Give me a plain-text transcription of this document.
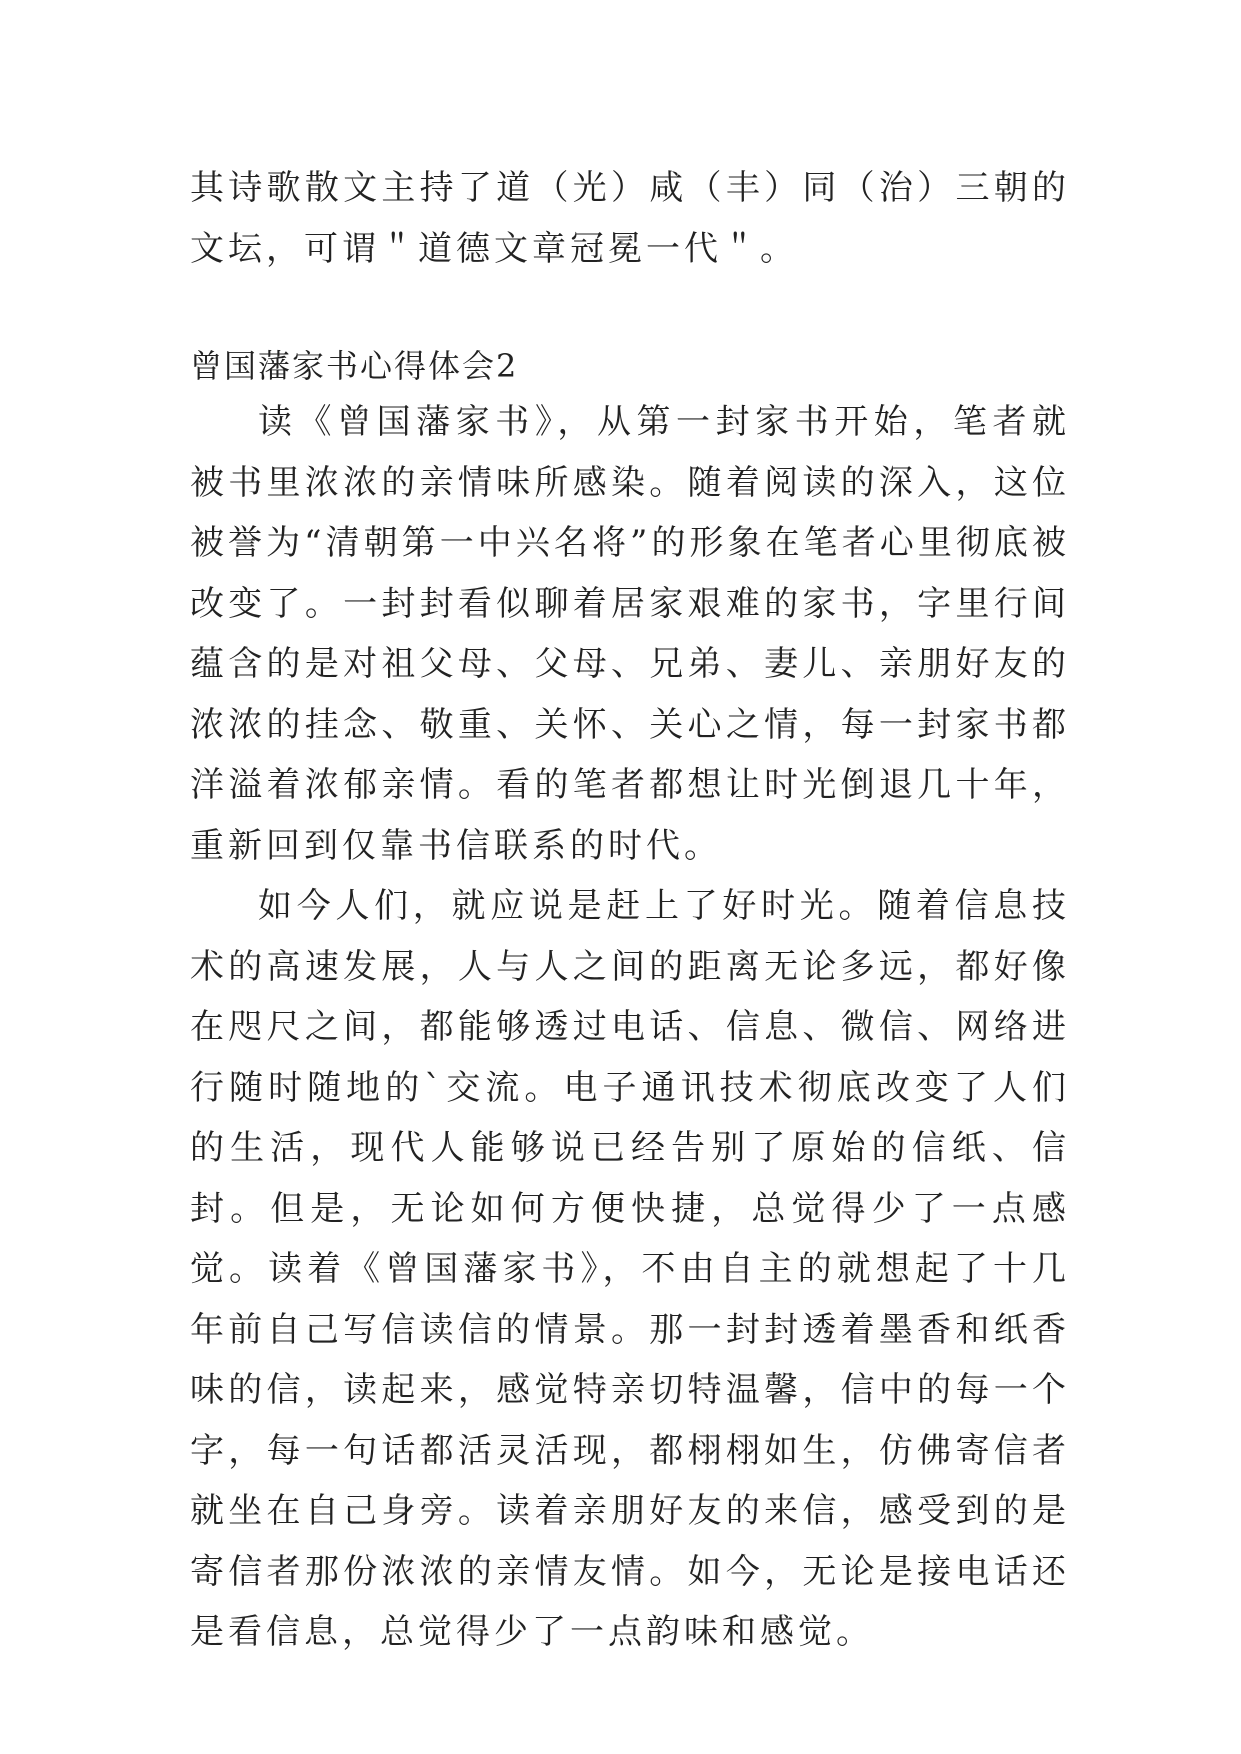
其诗歌散文主持了道（光）咸（丰）同（治）三朝的文坛，可谓＂道德文章冠冕一代＂。

曾国藩家书心得体会2

读《曾国藩家书》，从第一封家书开始，笔者就被书里浓浓的亲情味所感染。随着阅读的深入，这位被誉为“清朝第一中兴名将”的形象在笔者心里彻底被改变了。一封封看似聊着居家艰难的家书，字里行间蕴含的是对祖父母、父母、兄弟、妻儿、亲朋好友的浓浓的挂念、敬重、关怀、关心之情，每一封家书都洋溢着浓郁亲情。看的笔者都想让时光倒退几十年，重新回到仅靠书信联系的时代。

如今人们，就应说是赶上了好时光。随着信息技术的高速发展，人与人之间的距离无论多远，都好像在咫尺之间，都能够透过电话、信息、微信、网络进行随时随地的`交流。电子通讯技术彻底改变了人们的生活，现代人能够说已经告别了原始的信纸、信封。但是，无论如何方便快捷，总觉得少了一点感觉。读着《曾国藩家书》，不由自主的就想起了十几年前自己写信读信的情景。那一封封透着墨香和纸香味的信，读起来，感觉特亲切特温馨，信中的每一个字，每一句话都活灵活现，都栩栩如生，仿佛寄信者就坐在自己身旁。读着亲朋好友的来信，感受到的是寄信者那份浓浓的亲情友情。如今，无论是接电话还是看信息，总觉得少了一点韵味和感觉。
